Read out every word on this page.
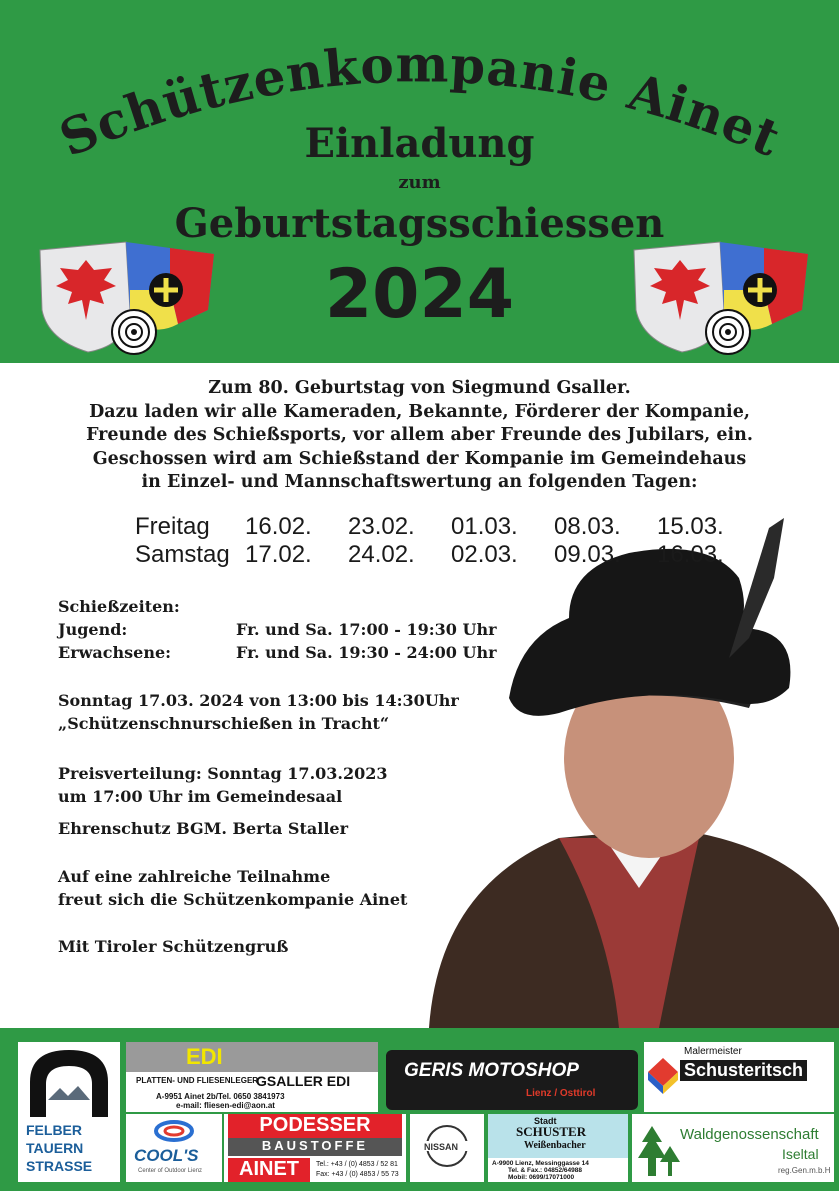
Schützenkompanie Ainet
Einladung
zum
Geburtstagsschiessen
2024
Zum 80. Geburtstag von Siegmund Gsaller.
Dazu laden wir alle Kameraden, Bekannte, Förderer der Kompanie,
Freunde des Schießsports, vor allem aber Freunde des Jubilars, ein.
Geschossen wird am Schießstand der Kompanie im Gemeindehaus
in Einzel- und Mannschaftswertung an folgenden Tagen:
Freitag	16.02.	23.02.	01.03.	08.03.	15.03.
Samstag	17.02.	24.02.	02.03.	09.03.	16.03.
Schießzeiten:
Jugend:	Fr. und Sa. 17:00 - 19:30 Uhr
Erwachsene:	Fr. und Sa. 19:30 - 24:00 Uhr
Sonntag 17.03. 2024 von 13:00 bis 14:30Uhr
„Schützenschnurschießen in Tracht“
Preisverteilung: Sonntag 17.03.2023
um 17:00 Uhr im Gemeindesaal
Ehrenschutz BGM. Berta Staller
Auf eine zahlreiche Teilnahme
freut sich die Schützenkompanie Ainet
Mit Tiroler Schützengruß
FELBER
TAUERN
STRASSE
EDI
PLATTEN- UND FLIESENLEGER
GSALLER EDI
A-9951 Ainet 2b/Tel. 0650 3841973
e-mail: fliesen-edi@aon.at
GERIS MOTOSHOP
Lienz / Osttirol
Malermeister
Schusteritsch
COOL'S
Center of Outdoor Lienz
PODESSER
BAUSTOFFE
AINET	Tel.: +43 / (0) 4853 / 52 81
Fax: +43 / (0) 4853 / 55 73
NISSAN
Stadt
SCHUSTER
Weißenbacher
A-9900 Lienz, Messinggasse 14
Tel. & Fax.: 04852/64988
Mobil: 0699/17071000
Waldgenossenschaft
Iseltal
reg.Gen.m.b.H
